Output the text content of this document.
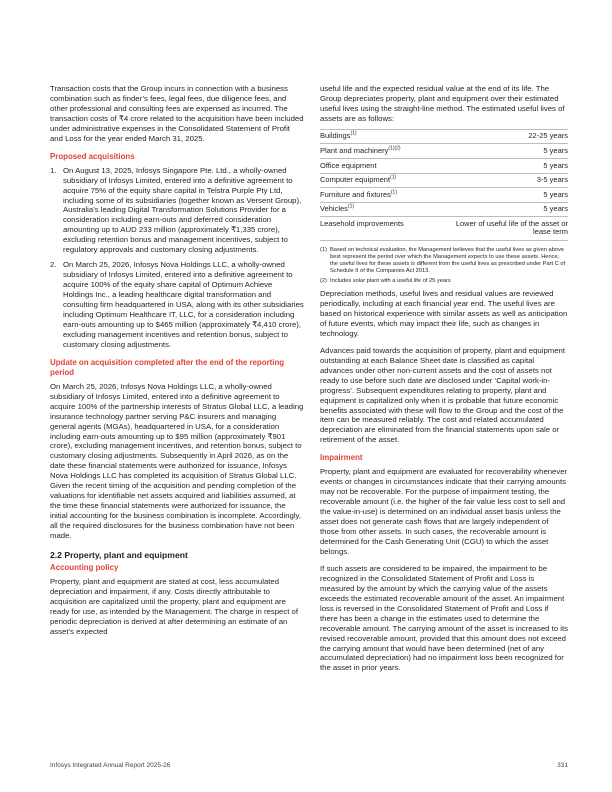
Transaction costs that the Group incurs in connection with a business combination such as finder’s fees, legal fees, due diligence fees, and other professional and consulting fees are expensed as incurred. The transaction costs of ₹4 crore related to the acquisition have been included under administrative expenses in the Consolidated Statement of Profit and Loss for the year ended March 31, 2025.

Proposed acquisitions
1. On August 13, 2025, Infosys Singapore Pte. Ltd., a wholly-owned subsidiary of Infosys Limited, entered into a definitive agreement to acquire 75% of the equity share capital in Telstra Purple Pty Ltd, including some of its subsidiaries (together known as Versent Group), Australia’s leading Digital Transformation Solutions Provider for a consideration including earn-outs and deferred consideration amounting up to AUD 233 million (approximately ₹1,335 crore), excluding retention bonus and management incentives, subject to regulatory approvals and customary closing adjustments.
2. On March 25, 2026, Infosys Nova Holdings LLC, a wholly-owned subsidiary of Infosys Limited, entered into a definitive agreement to acquire 100% of the equity share capital of Optimum Achieve Holdings Inc., a leading healthcare digital transformation and consulting firm headquartered in USA, along with its other subsidiaries including Optimum Healthcare IT, LLC, for a consideration including earn-outs amounting up to $465 million (approximately ₹4,410 crore), excluding management incentives and retention bonus, subject to customary closing adjustments.
Update on acquisition completed after the end of the reporting period

On March 25, 2026, Infosys Nova Holdings LLC, a wholly-owned subsidiary of Infosys Limited, entered into a definitive agreement to acquire 100% of the partnership interests of Stratus Global LLC, a leading insurance technology partner serving P&C insurers and managing general agents (MGAs), headquartered in USA, for a consideration including earn-outs amounting up to $95 million (approximately ₹901 crore), excluding management incentives, and retention bonus, subject to customary closing adjustments. Subsequently in April 2026, as on the date these financial statements were authorized for issuance, Infosys Nova Holdings LLC has completed its acquisition of Stratus Global LLC. Given the recent timing of the acquisition and pending completion of the valuations for identifiable net assets acquired and liabilities assumed, at the time these financial statements were authorized for issuance, the initial accounting for the business combination is incomplete. Accordingly, all the required disclosures for the business combination have not been made.

2.2 Property, plant and equipment
Accounting policy

Property, plant and equipment are stated at cost, less accumulated depreciation and impairment, if any. Costs directly attributable to acquisition are capitalized until the property, plant and equipment are ready for use, as intended by the Management. The charge in respect of periodic depreciation is derived at after determining an estimate of an asset’s expected

useful life and the expected residual value at the end of its life. The Group depreciates property, plant and equipment over their estimated useful lives using the straight-line method. The estimated useful lives of assets are as follows:

Buildings$^{(1)}$	22-25 years
Plant and machinery$^{(1)(2)}$	5 years
Office equipment	5 years
Computer equipment$^{(1)}$	3-5 years
Furniture and fixtures$^{(1)}$	5 years
Vehicles$^{(1)}$	5 years
Leasehold improvements	Lower of useful life of the asset or lease term
(1) Based on technical evaluation, the Management believes that the useful lives as given above best represent the period over which the Management expects to use these assets. Hence, the useful lives for these assets is different from the useful lives as prescribed under Part C of Schedule II of the Companies Act 2013.
(2) Includes solar plant with a useful life of 25 years

Depreciation methods, useful lives and residual values are reviewed periodically, including at each financial year end. The useful lives are based on historical experience with similar assets as well as anticipation of future events, which may impact their life, such as changes in technology.

Advances paid towards the acquisition of property, plant and equipment outstanding at each Balance Sheet date is classified as capital advances under other non-current assets and the cost of assets not ready to use before such date are disclosed under ‘Capital work-in-progress’. Subsequent expenditures relating to property, plant and equipment is capitalized only when it is probable that future economic benefits associated with these will flow to the Group and the cost of the item can be measured reliably. The cost and related accumulated depreciation are eliminated from the financial statements upon sale or retirement of the asset.

Impairment

Property, plant and equipment are evaluated for recoverability whenever events or changes in circumstances indicate that their carrying amounts may not be recoverable. For the purpose of impairment testing, the recoverable amount (i.e. the higher of the fair value less cost to sell and the value-in-use) is determined on an individual asset basis unless the asset does not generate cash flows that are largely independent of those from other assets. In such cases, the recoverable amount is determined for the Cash Generating Unit (CGU) to which the asset belongs.

If such assets are considered to be impaired, the impairment to be recognized in the Consolidated Statement of Profit and Loss is measured by the amount by which the carrying value of the assets exceeds the estimated recoverable amount of the asset. An impairment loss is reversed in the Consolidated Statement of Profit and Loss if there has been a change in the estimates used to determine the recoverable amount. The carrying amount of the asset is increased to its revised recoverable amount, provided that this amount does not exceed the carrying amount that would have been determined (net of any accumulated depreciation) had no impairment loss been recognized for the asset in prior years.

Infosys Integrated Annual Report 2025-26	331
